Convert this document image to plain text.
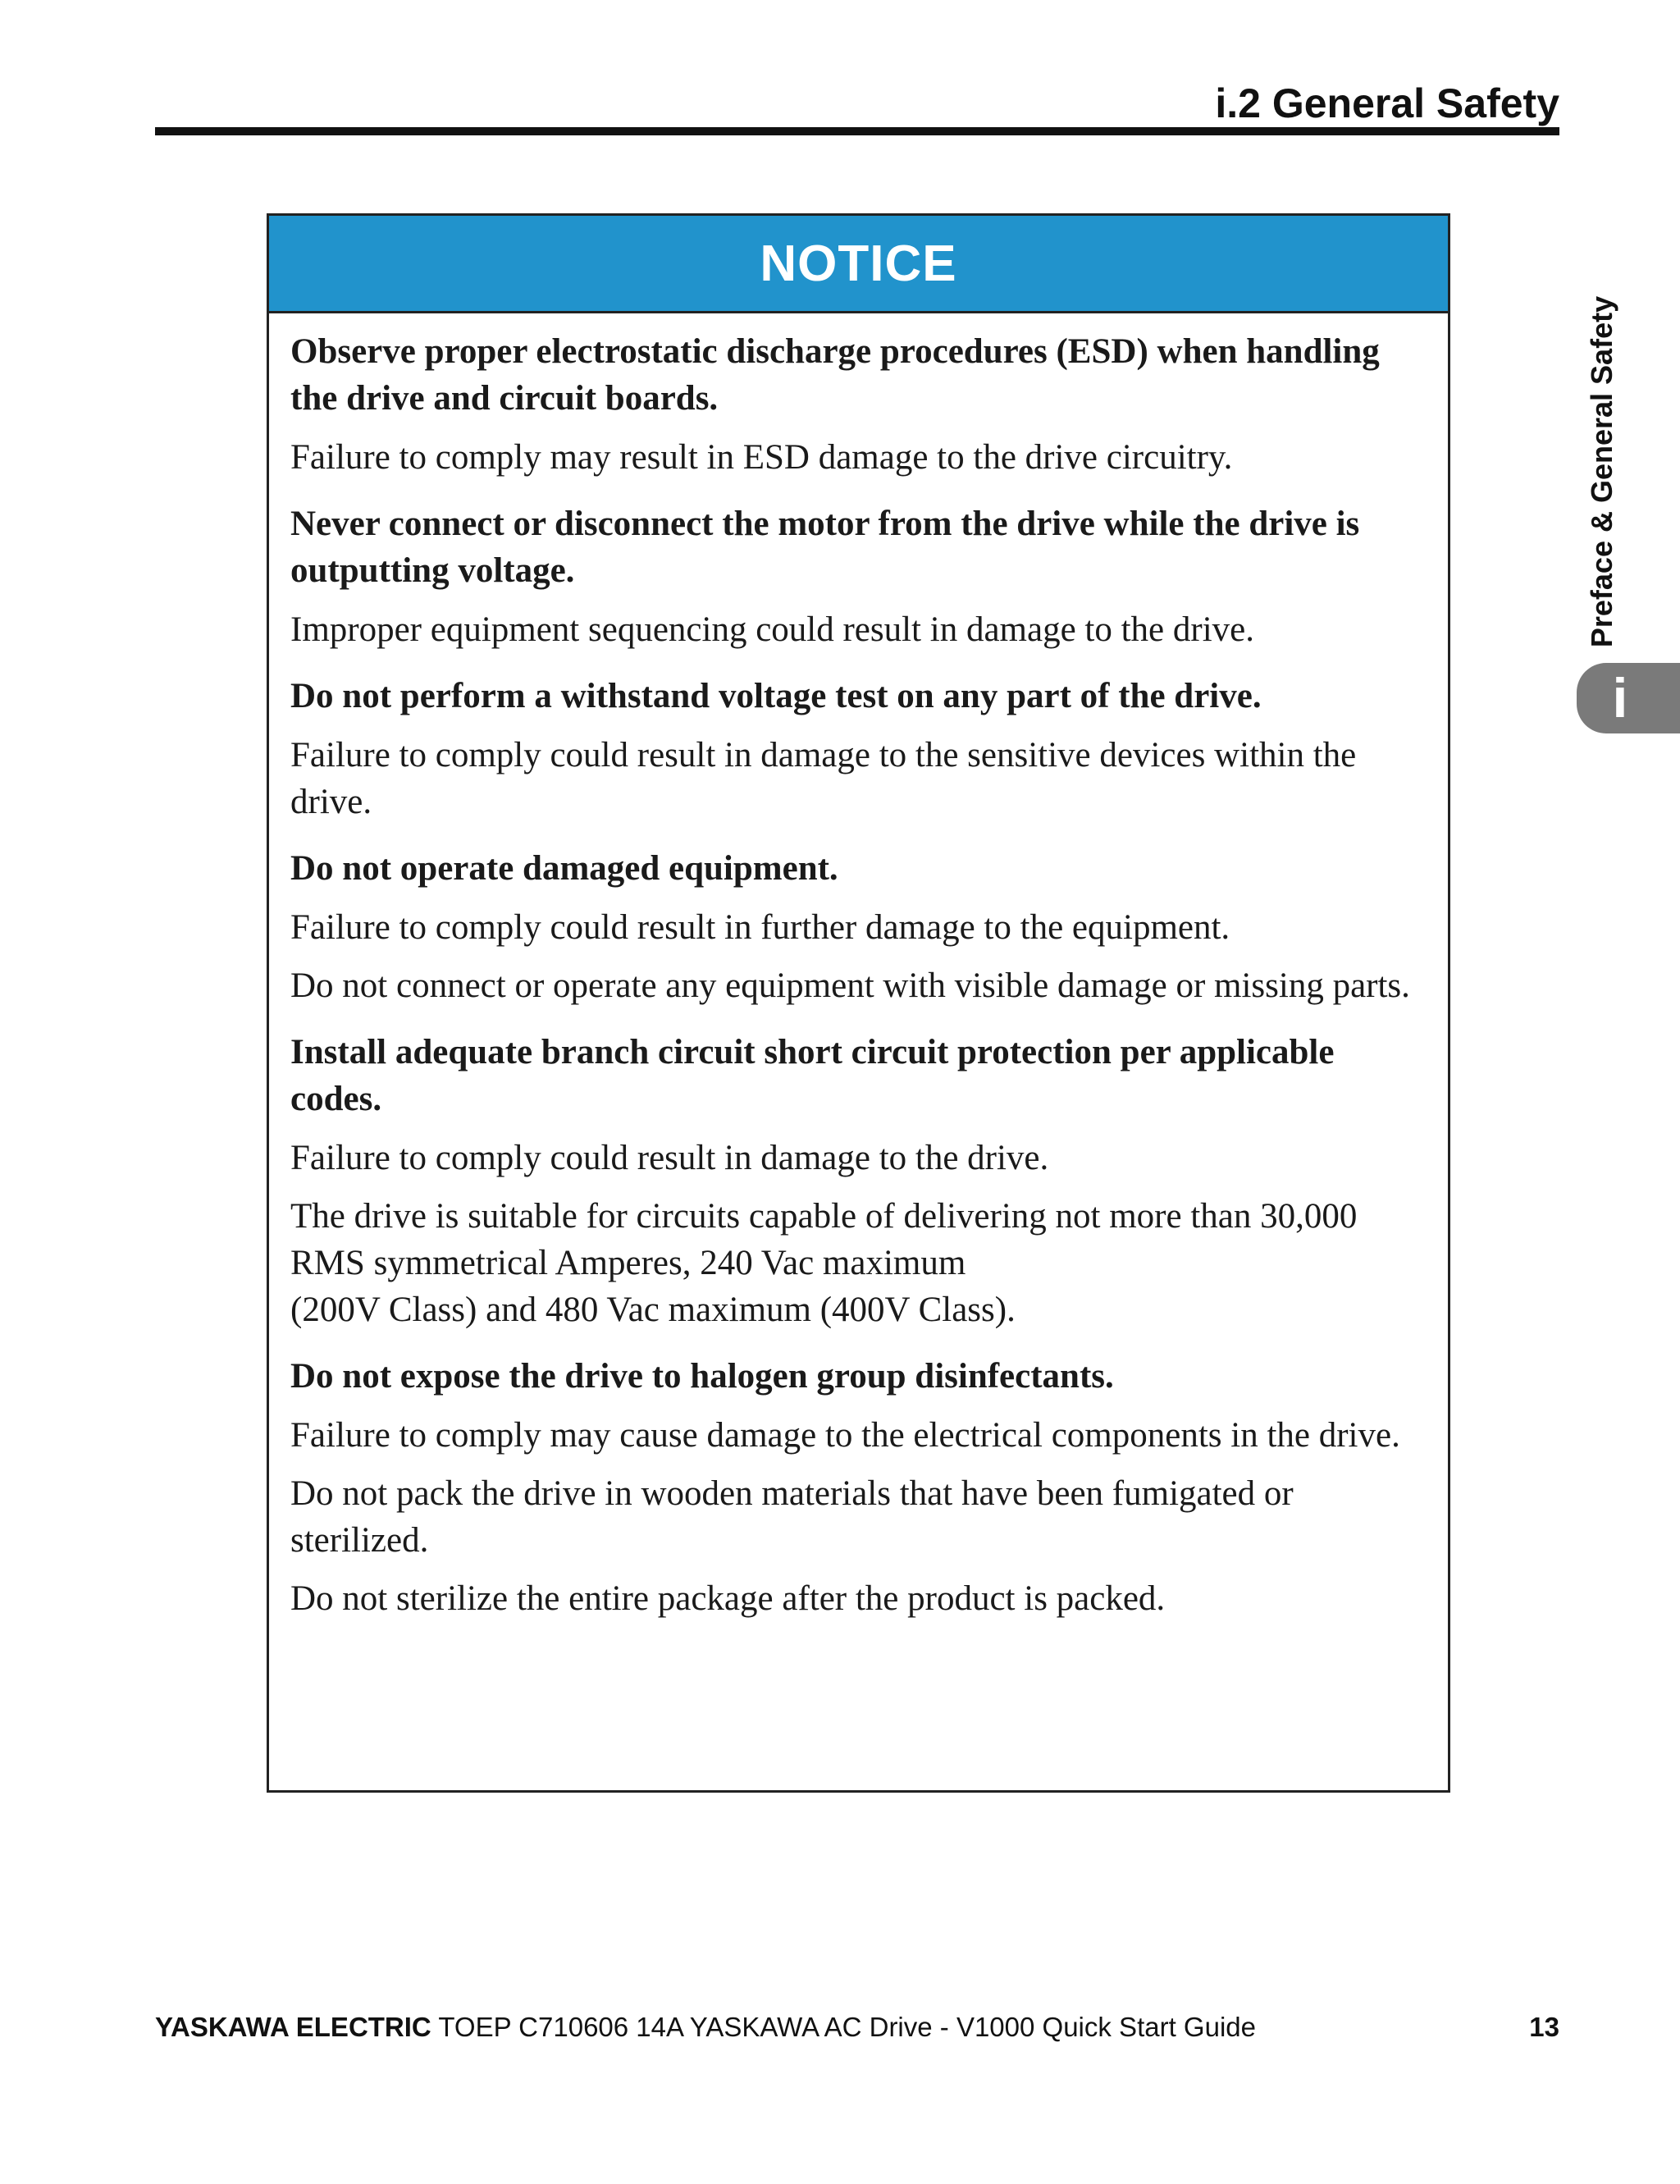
i.2 General Safety
Preface & General Safety
i
NOTICE

Observe proper electrostatic discharge procedures (ESD) when handling the drive and circuit boards.

Failure to comply may result in ESD damage to the drive circuitry.

Never connect or disconnect the motor from the drive while the drive is outputting voltage.

Improper equipment sequencing could result in damage to the drive.

Do not perform a withstand voltage test on any part of the drive.

Failure to comply could result in damage to the sensitive devices within the drive.

Do not operate damaged equipment.

Failure to comply could result in further damage to the equipment.

Do not connect or operate any equipment with visible damage or missing parts.

Install adequate branch circuit short circuit protection per applicable codes.

Failure to comply could result in damage to the drive.

The drive is suitable for circuits capable of delivering not more than 30,000 RMS symmetrical Amperes, 240 Vac maximum

(200V Class) and 480 Vac maximum (400V Class).

Do not expose the drive to halogen group disinfectants.

Failure to comply may cause damage to the electrical components in the drive.

Do not pack the drive in wooden materials that have been fumigated or sterilized.

Do not sterilize the entire package after the product is packed.

YASKAWA ELECTRIC TOEP C710606 14A YASKAWA AC Drive - V1000 Quick Start Guide	13
